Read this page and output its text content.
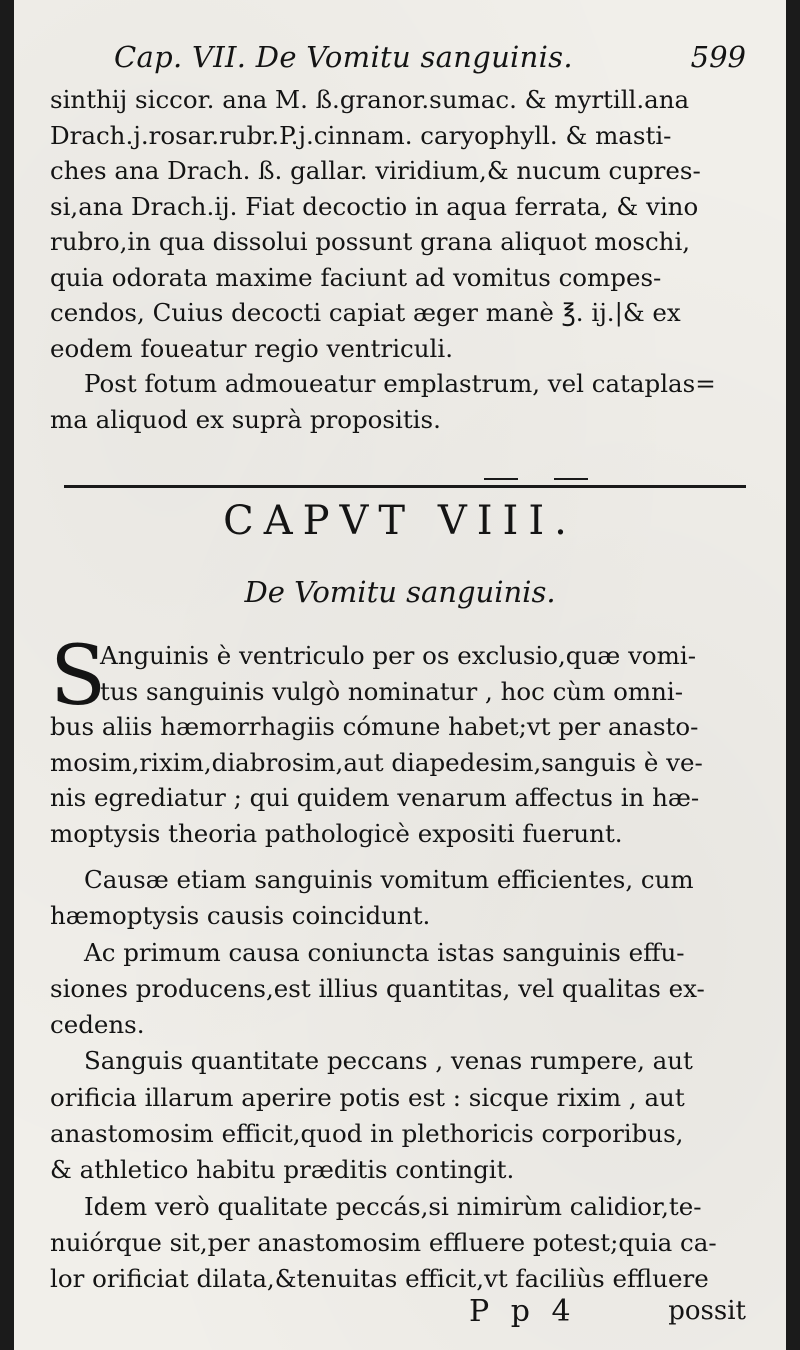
Cap. VII. De Vomitu sanguinis.	599
sinthij siccor. ana M. ß.granor.sumac. & myrtill.ana
Drach.j.rosar.rubr.P.j.cinnam. caryophyll. & masti-
ches ana Drach. ß. gallar. viridium,& nucum cupres-
si,ana Drach.ij. Fiat decoctio in aqua ferrata, & vino
rubro,in qua dissolui possunt grana aliquot moschi,
quia odorata maxime faciunt ad vomitus compes-
cendos, Cuius decocti capiat æger manè ℥. ij.|& ex
eodem foueatur regio ventriculi.
Post fotum admoueatur emplastrum, vel cataplas=
ma aliquod ex suprà propositis.
CAPVT VIII.
De Vomitu sanguinis.
S
Anguinis è ventriculo per os exclusio,quæ vomi-
tus sanguinis vulgò nominatur , hoc cùm omni-
bus aliis hæmorrhagiis cómune habet;vt per anasto-
mosim,rixim,diabrosim,aut diapedesim,sanguis è ve-
nis egrediatur ; qui quidem venarum affectus in hæ-
moptysis theoria pathologicè expositi fuerunt.
Causæ etiam sanguinis vomitum efficientes, cum
hæmoptysis causis coincidunt.
Ac primum causa coniuncta istas sanguinis effu-
siones producens,est illius quantitas, vel qualitas ex-
cedens.
Sanguis quantitate peccans , venas rumpere, aut
orificia illarum aperire potis est : sicque rixim , aut
anastomosim efficit,quod in plethoricis corporibus,
& athletico habitu præditis contingit.
Idem verò qualitate peccás,si nimirùm calidior,te-
nuiórque sit,per anastomosim effluere potest;quia ca-
lor orificiat dilata,&tenuitas efficit,vt faciliùs effluere
P p 4	possit
